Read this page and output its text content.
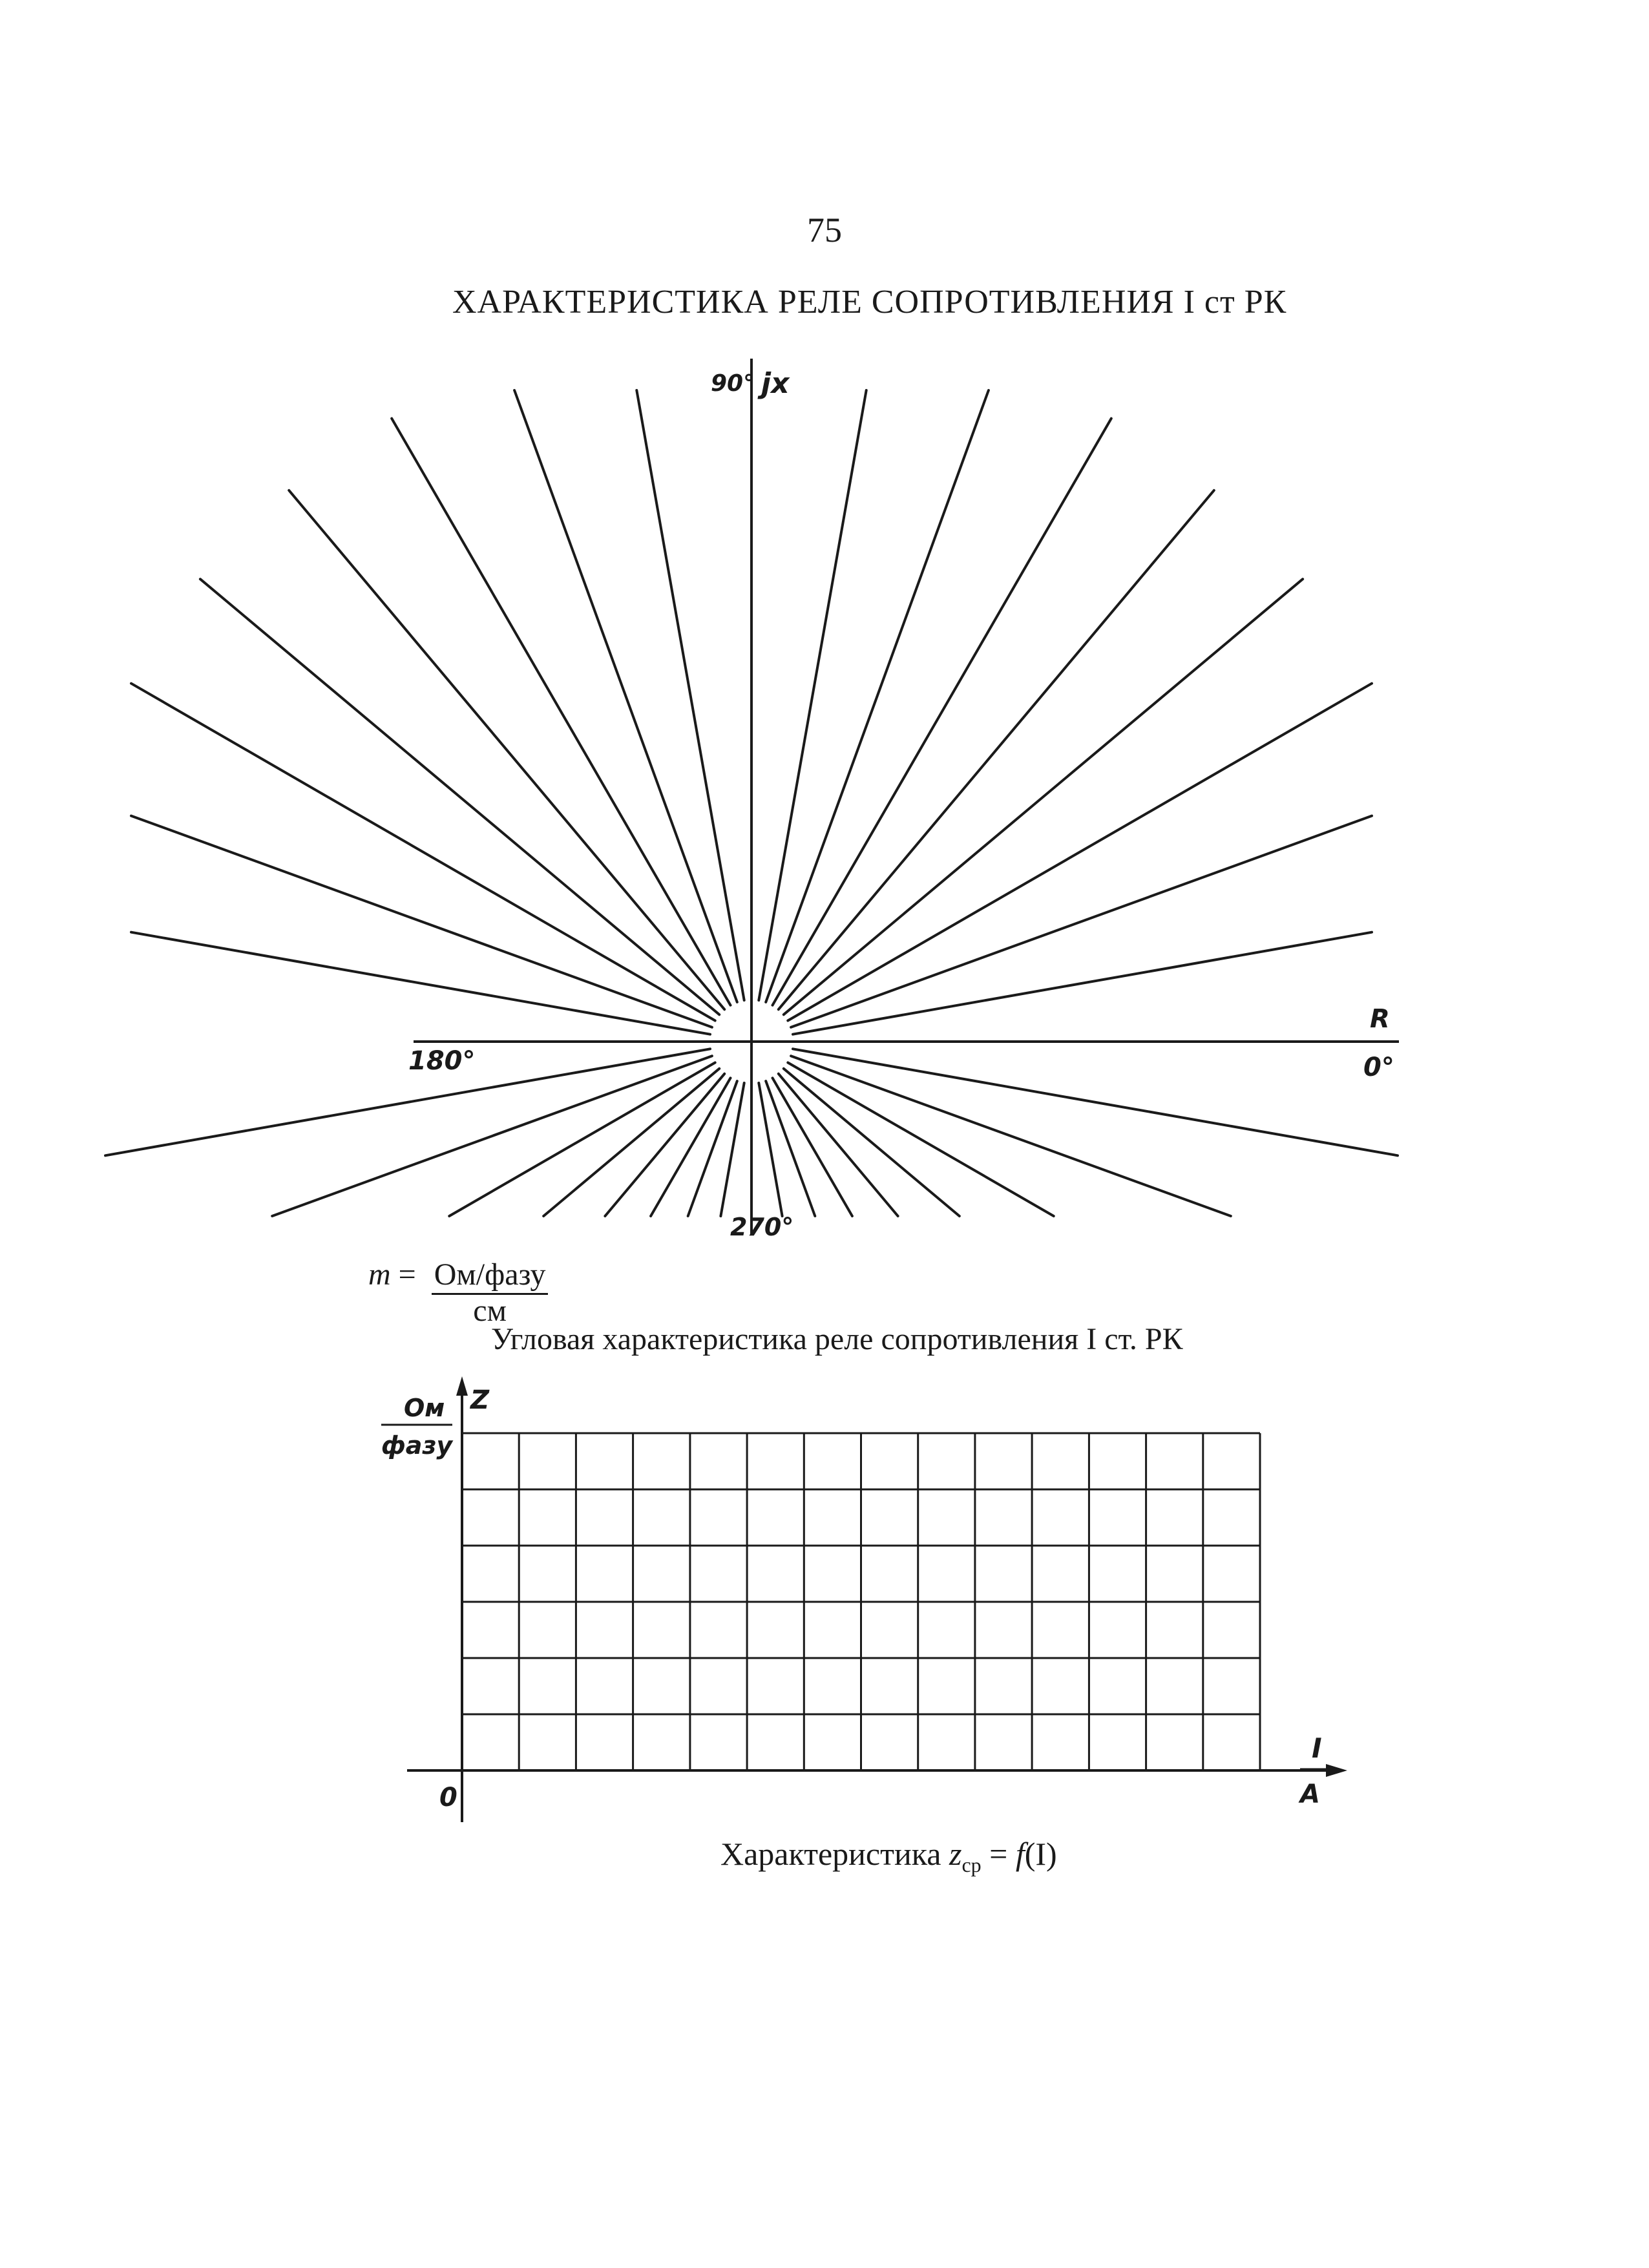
75
ХАРАКТЕРИСТИКА РЕЛЕ СОПРОТИВЛЕНИЯ I ст РК
90° jx
R
0°
180°
270°
Ом
фазу
Z
I
A
0
$m = \frac{\text{Ом/фазу}}{см}$
Угловая характеристика реле сопротивления I ст. РК
Характеристика $z_{ср} = f(I)$
